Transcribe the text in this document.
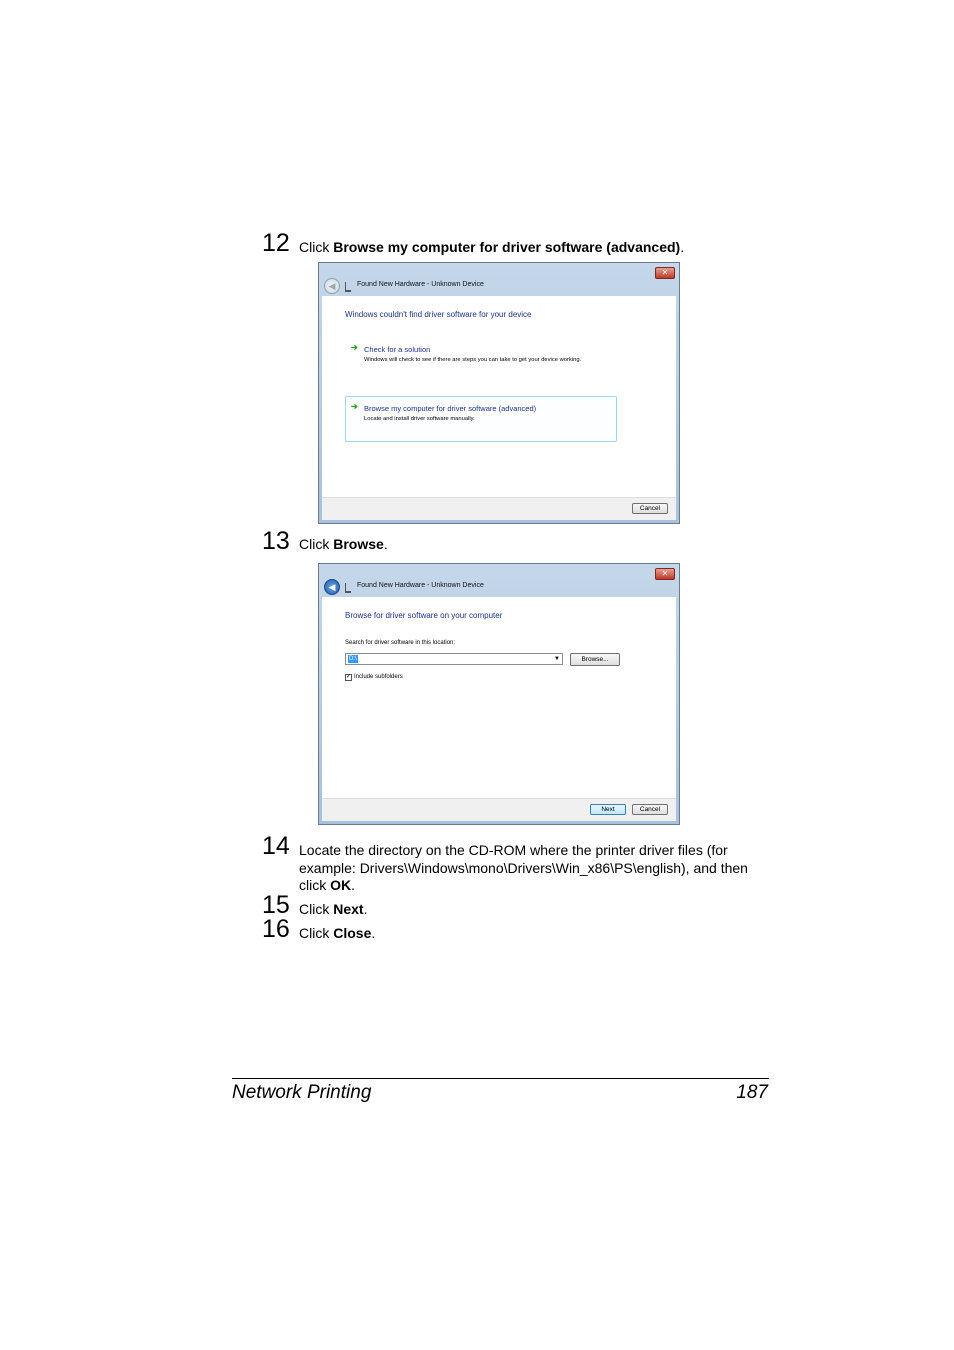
12 Click Browse my computer for driver software (advanced).
✕
◀	Found New Hardware - Unknown Device
Windows couldn't find driver software for your device
➔ Check for a solution
Windows will check to see if there are steps you can take to get your device working.
➔ Browse my computer for driver software (advanced)
Locate and install driver software manually.
Cancel
13 Click Browse.
✕
◀	Found New Hardware - Unknown Device
Browse for driver software on your computer
Search for driver software in this location:
D:\	▼	Browse...
✓ Include subfolders
Next	Cancel
14 Locate the directory on the CD-ROM where the printer driver files (for example: Drivers\Windows\mono\Drivers\Win_x86\PS\english), and then click OK.
15 Click Next.
16 Click Close.
Network Printing	187
